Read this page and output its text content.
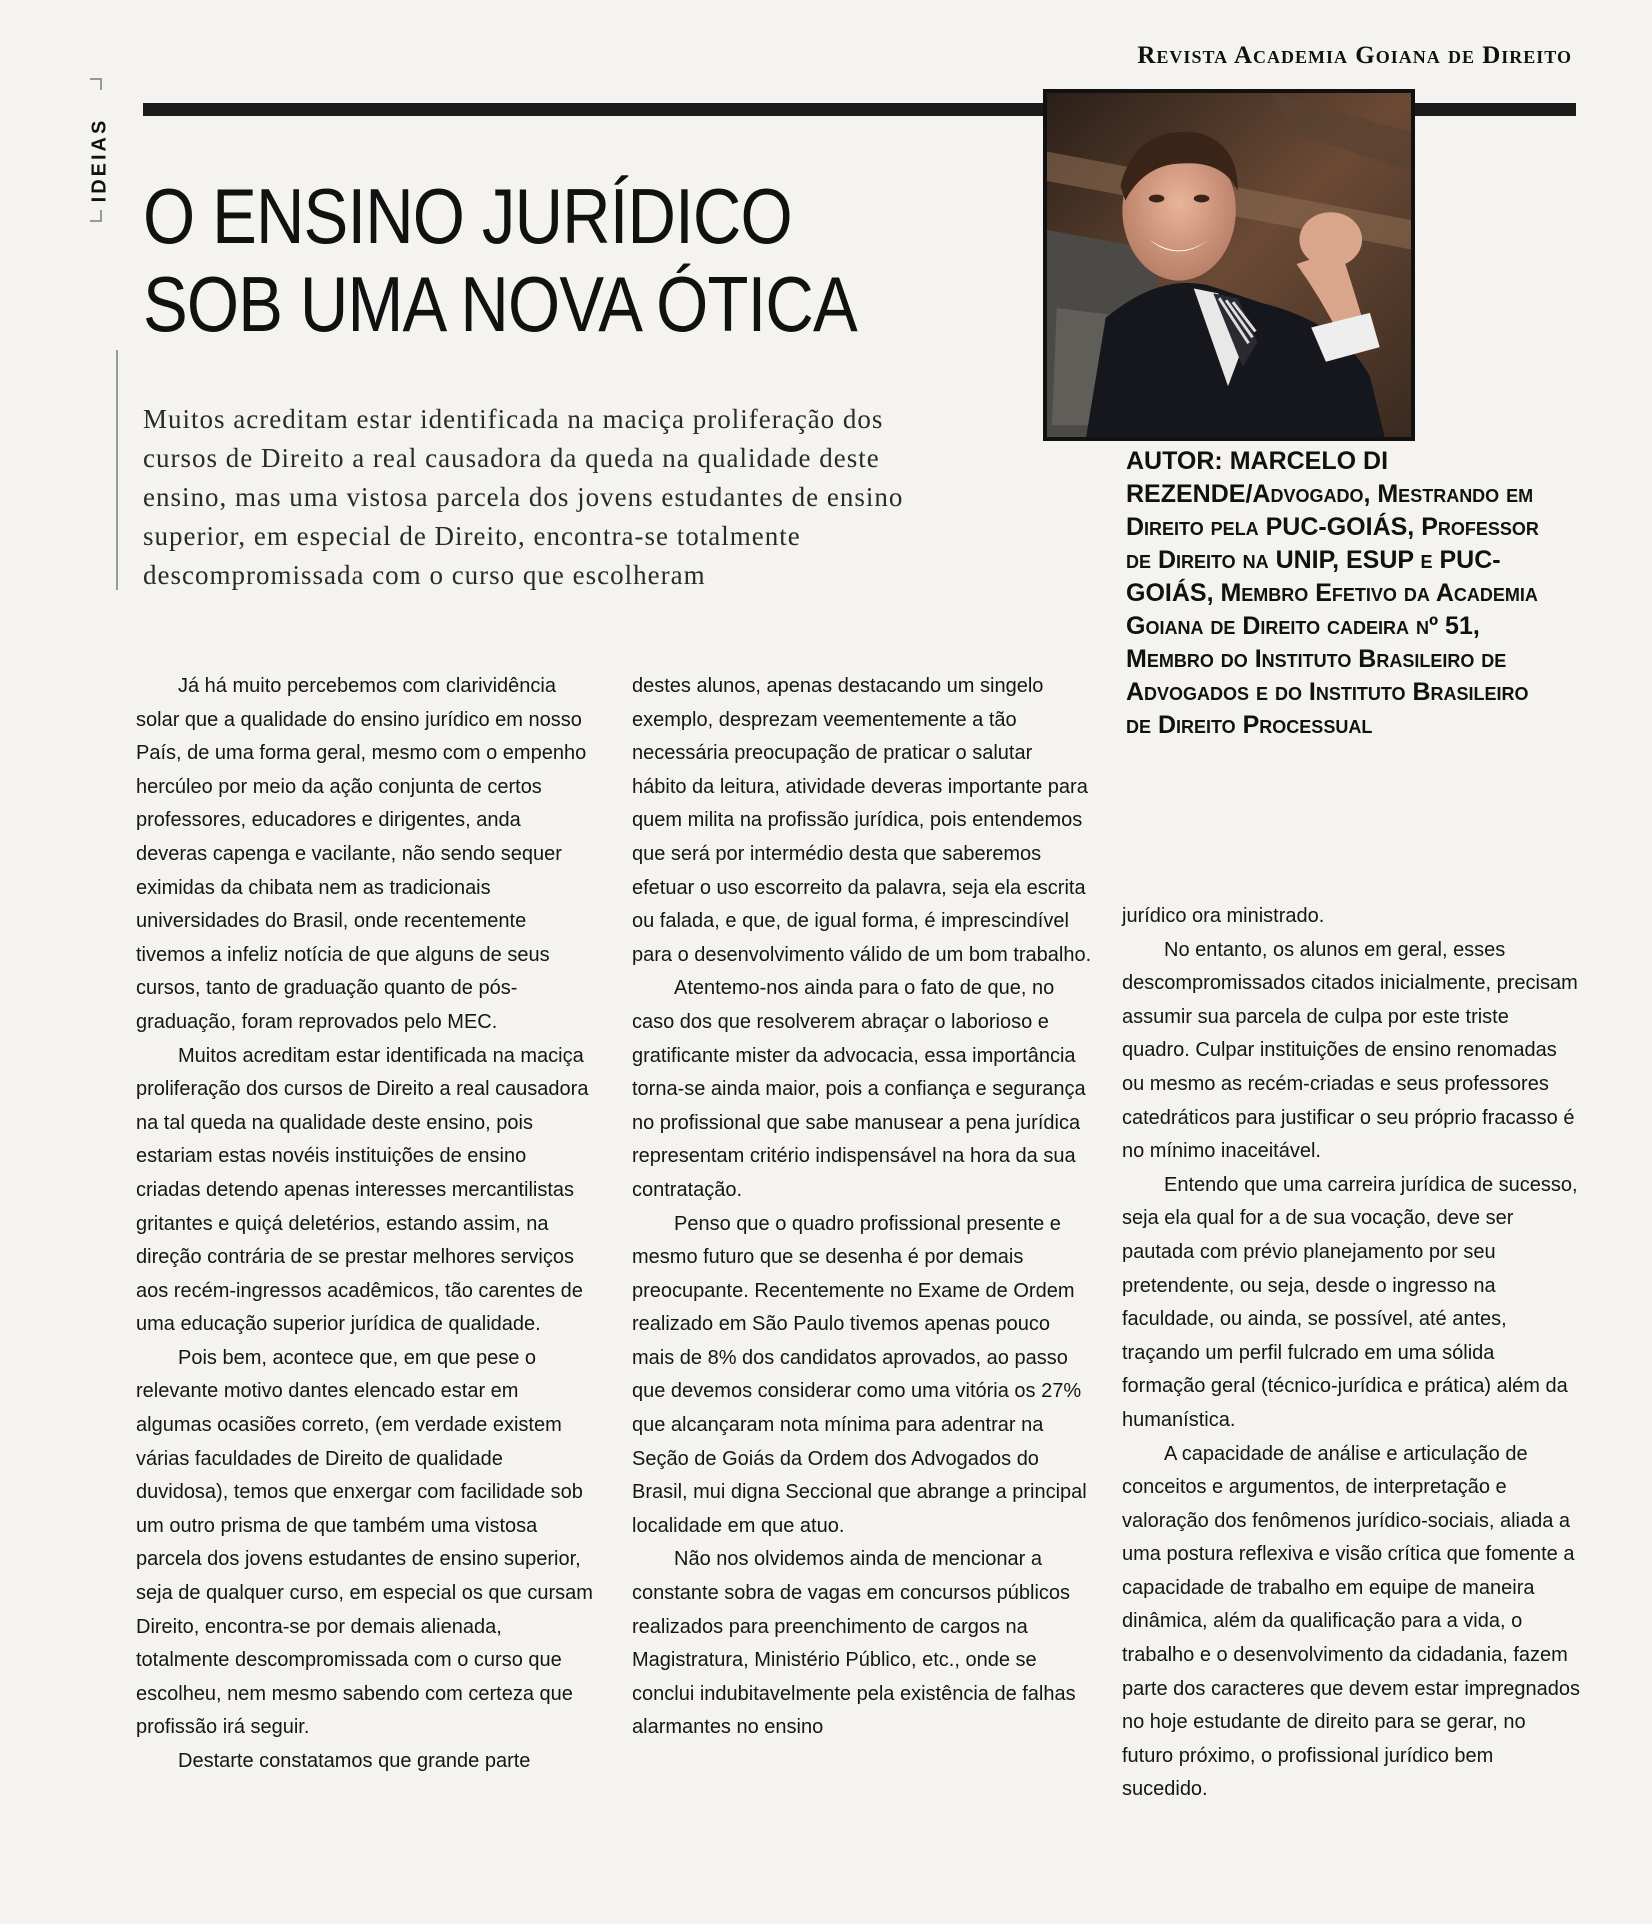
IDEIAS
Revista Academia Goiana de Direito
O ENSINO JURÍDICO
SOB UMA NOVA ÓTICA
AUTOR: MARCELO DI REZENDE/Advogado, Mestrando em Direito pela PUC-GOIÁS, Professor de Direito na UNIP, ESUP e PUC-GOIÁS, Membro Efetivo da Academia Goiana de Direito cadeira nº 51, Membro do Instituto Brasileiro de Advogados e do Instituto Brasileiro de Direito Processual
Muitos acreditam estar identificada na maciça proliferação dos cursos de Direito a real causadora da queda na qualidade deste ensino, mas uma vistosa parcela dos jovens estudantes de ensino superior, em especial de Direito, encontra-se totalmente descompromissada com o curso que escolheram

Já há muito percebemos com clarividência solar que a qualidade do ensino jurídico em nosso País, de uma forma geral, mesmo com o empenho hercúleo por meio da ação conjunta de certos professores, educadores e dirigentes, anda deveras capenga e vacilante, não sendo sequer eximidas da chibata nem as tradicionais universidades do Brasil, onde recentemente tivemos a infeliz notícia de que alguns de seus cursos, tanto de graduação quanto de pós-graduação, foram reprovados pelo MEC.

Muitos acreditam estar identificada na maciça proliferação dos cursos de Direito a real causadora na tal queda na qualidade deste ensino, pois estariam estas novéis instituições de ensino criadas detendo apenas interesses mercantilistas gritantes e quiçá deletérios, estando assim, na direção contrária de se prestar melhores serviços aos recém-ingressos acadêmicos, tão carentes de uma educação superior jurídica de qualidade.

Pois bem, acontece que, em que pese o relevante motivo dantes elencado estar em algumas ocasiões correto, (em verdade existem várias faculdades de Direito de qualidade duvidosa), temos que enxergar com facilidade sob um outro prisma de que também uma vistosa parcela dos jovens estudantes de ensino superior, seja de qualquer curso, em especial os que cursam Direito, encontra-se por demais alienada, totalmente descompromissada com o curso que escolheu, nem mesmo sabendo com certeza que profissão irá seguir.

Destarte constatamos que grande parte

destes alunos, apenas destacando um singelo exemplo, desprezam veementemente a tão necessária preocupação de praticar o salutar hábito da leitura, atividade deveras importante para quem milita na profissão jurídica, pois entendemos que será por intermédio desta que saberemos efetuar o uso escorreito da palavra, seja ela escrita ou falada, e que, de igual forma, é imprescindível para o desenvolvimento válido de um bom trabalho.

Atentemo-nos ainda para o fato de que, no caso dos que resolverem abraçar o laborioso e gratificante mister da advocacia, essa importância torna-se ainda maior, pois a confiança e segurança no profissional que sabe manusear a pena jurídica representam critério indispensável na hora da sua contratação.

Penso que o quadro profissional presente e mesmo futuro que se desenha é por demais preocupante. Recentemente no Exame de Ordem realizado em São Paulo tivemos apenas pouco mais de 8% dos candidatos aprovados, ao passo que devemos considerar como uma vitória os 27% que alcançaram nota mínima para adentrar na Seção de Goiás da Ordem dos Advogados do Brasil, mui digna Seccional que abrange a principal localidade em que atuo.

Não nos olvidemos ainda de mencionar a constante sobra de vagas em concursos públicos realizados para preenchimento de cargos na Magistratura, Ministério Público, etc., onde se conclui indubitavelmente pela existência de falhas alarmantes no ensino

jurídico ora ministrado.

No entanto, os alunos em geral, esses descompromissados citados inicialmente, precisam assumir sua parcela de culpa por este triste quadro. Culpar instituições de ensino renomadas ou mesmo as recém-criadas e seus professores catedráticos para justificar o seu próprio fracasso é no mínimo inaceitável.

Entendo que uma carreira jurídica de sucesso, seja ela qual for a de sua vocação, deve ser pautada com prévio planejamento por seu pretendente, ou seja, desde o ingresso na faculdade, ou ainda, se possível, até antes, traçando um perfil fulcrado em uma sólida formação geral (técnico-jurídica e prática) além da humanística.

A capacidade de análise e articulação de conceitos e argumentos, de interpretação e valoração dos fenômenos jurídico-sociais, aliada a uma postura reflexiva e visão crítica que fomente a capacidade de trabalho em equipe de maneira dinâmica, além da qualificação para a vida, o trabalho e o desenvolvimento da cidadania, fazem parte dos caracteres que devem estar impregnados no hoje estudante de direito para se gerar, no futuro próximo, o profissional jurídico bem sucedido.
